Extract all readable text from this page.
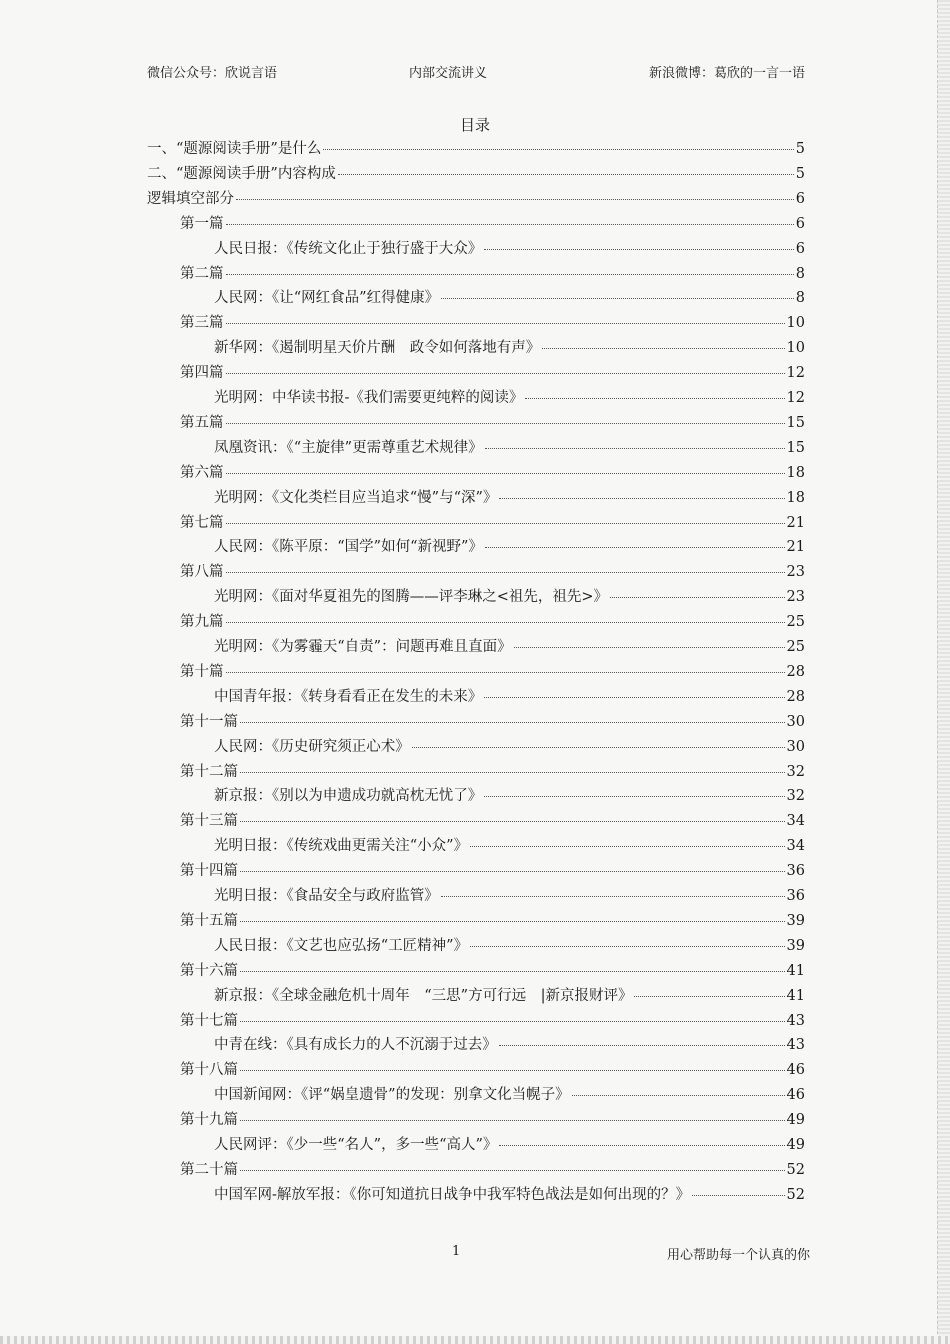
微信公众号：欣说言语	内部交流讲义	新浪微博：葛欣的一言一语
目录
一、“题源阅读手册”是什么	5
二、“题源阅读手册”内容构成	5
逻辑填空部分	6
第一篇	6
人民日报：《传统文化止于独行盛于大众》	6
第二篇	8
人民网：《让“网红食品”红得健康》	8
第三篇	10
新华网：《遏制明星天价片酬　政令如何落地有声》	10
第四篇	12
光明网：中华读书报-《我们需要更纯粹的阅读》	12
第五篇	15
凤凰资讯：《“主旋律”更需尊重艺术规律》	15
第六篇	18
光明网：《文化类栏目应当追求“慢”与“深”》	18
第七篇	21
人民网：《陈平原：“国学”如何“新视野”》	21
第八篇	23
光明网：《面对华夏祖先的图腾——评李琳之<祖先，祖先>》	23
第九篇	25
光明网：《为雾霾天“自责”：问题再难且直面》	25
第十篇	28
中国青年报：《转身看看正在发生的未来》	28
第十一篇	30
人民网：《历史研究须正心术》	30
第十二篇	32
新京报：《别以为申遗成功就高枕无忧了》	32
第十三篇	34
光明日报：《传统戏曲更需关注“小众”》	34
第十四篇	36
光明日报：《食品安全与政府监管》	36
第十五篇	39
人民日报：《文艺也应弘扬“工匠精神”》	39
第十六篇	41
新京报：《全球金融危机十周年　“三思”方可行远　|新京报财评》	41
第十七篇	43
中青在线：《具有成长力的人不沉溺于过去》	43
第十八篇	46
中国新闻网：《评“娲皇遗骨”的发现：别拿文化当幌子》	46
第十九篇	49
人民网评：《少一些“名人”，多一些“高人”》	49
第二十篇	52
中国军网-解放军报：《你可知道抗日战争中我军特色战法是如何出现的？》	52
1	用心帮助每一个认真的你
